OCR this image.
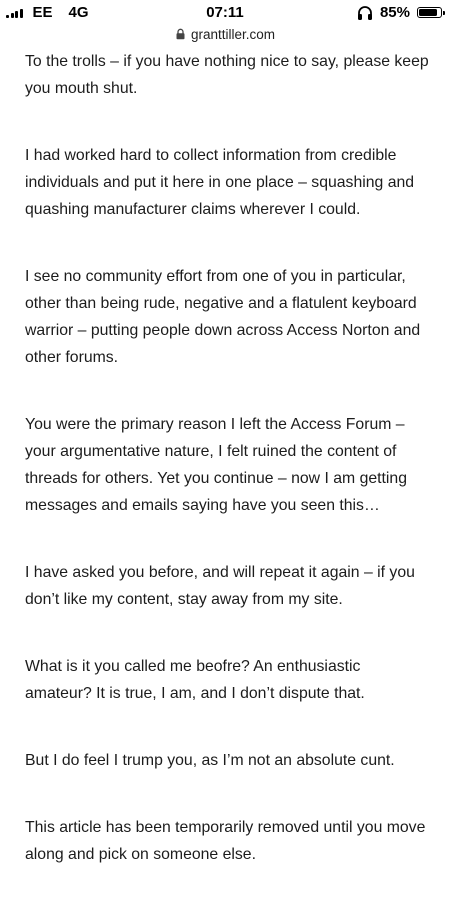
EE 4G	07:11	85%
granttiller.com

To the trolls – if you have nothing nice to say, please keep you mouth shut.

I had worked hard to collect information from credible individuals and put it here in one place – squashing and quashing manufacturer claims wherever I could.

I see no community effort from one of you in particular, other than being rude, negative and a flatulent keyboard warrior – putting people down across Access Norton and other forums.

You were the primary reason I left the Access Forum – your argumentative nature, I felt ruined the content of threads for others. Yet you continue – now I am getting messages and emails saying have you seen this…

I have asked you before, and will repeat it again – if you don’t like my content, stay away from my site.

What is it you called me beofre? An enthusiastic amateur? It is true, I am, and I don’t dispute that.

But I do feel I trump you, as I’m not an absolute cunt.

This article has been temporarily removed until you move along and pick on someone else.
